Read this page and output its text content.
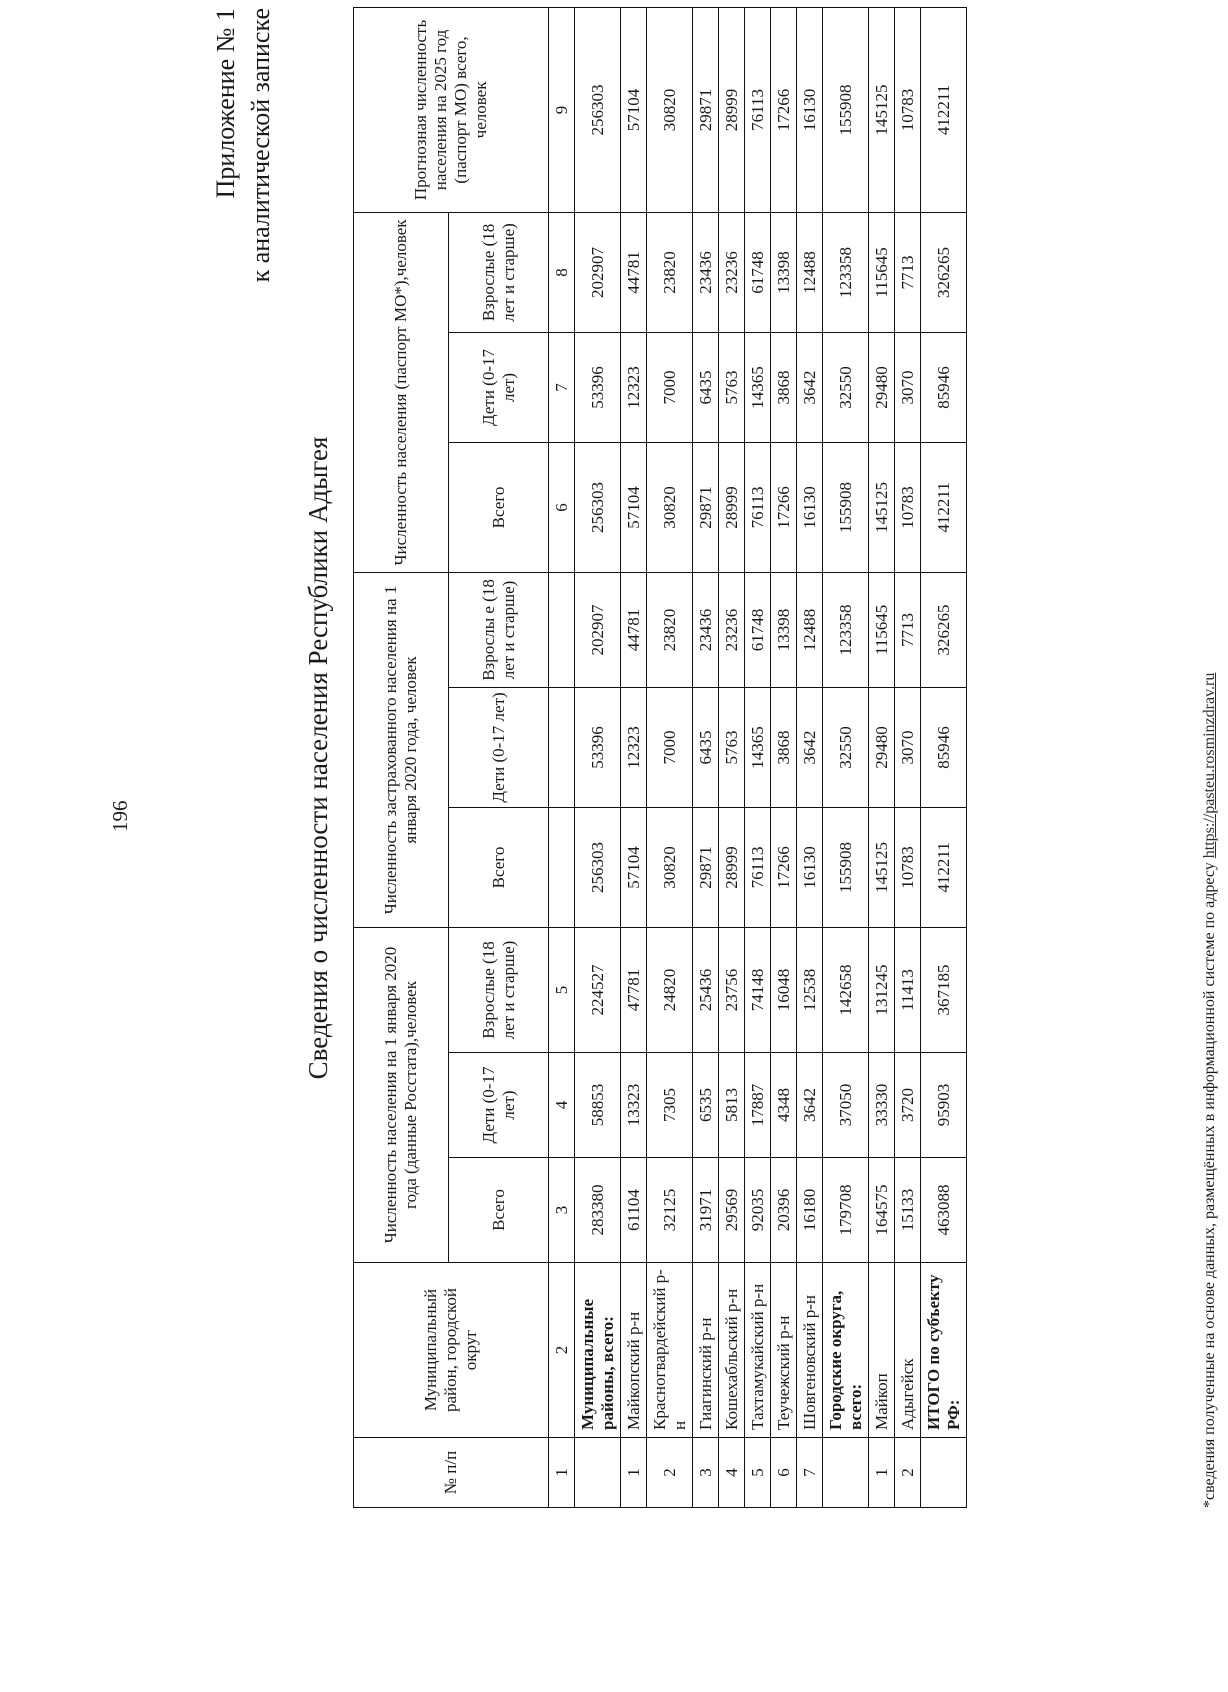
196
Приложение № 1 к аналитической записке
Сведения о численности населения Республики Адыгея
№ п/п	Муниципальный район, городской округ	Численность населения на 1 января 2020 года (данные Росстата),человек			Численность застрахованного населения на 1 января 2020 года, человек			Численность населения (паспорт МО*),человек			Прогнозная численность населения на 2025 год (паспорт МО) всего, человек
		Всего	Дети (0-17 лет)	Взрослые (18 лет и старше)	Всего	Дети (0-17 лет)	Взрослы е (18 лет и старше)	Всего	Дети (0-17 лет)	Взрослые (18 лет и старше)	
1	2	3	4	5				6	7	8	9
	Муниципальные районы, всего:	283380	58853	224527	256303	53396	202907	256303	53396	202907	256303
1	Майкопский р-н	61104	13323	47781	57104	12323	44781	57104	12323	44781	57104
2	Красногвардейский р-н	32125	7305	24820	30820	7000	23820	30820	7000	23820	30820
3	Гиагинский р-н	31971	6535	25436	29871	6435	23436	29871	6435	23436	29871
4	Кошехабльский р-н	29569	5813	23756	28999	5763	23236	28999	5763	23236	28999
5	Тахтамукайский р-н	92035	17887	74148	76113	14365	61748	76113	14365	61748	76113
6	Теучежский р-н	20396	4348	16048	17266	3868	13398	17266	3868	13398	17266
7	Шовгеновский р-н	16180	3642	12538	16130	3642	12488	16130	3642	12488	16130
	Городские округа, всего:	179708	37050	142658	155908	32550	123358	155908	32550	123358	155908
1	Майкоп	164575	33330	131245	145125	29480	115645	145125	29480	115645	145125
2	Адыгейск	15133	3720	11413	10783	3070	7713	10783	3070	7713	10783
	ИТОГО по субъекту РФ:	463088	95903	367185	412211	85946	326265	412211	85946	326265	412211
*сведения полученные на основе данных, размещённых в информационной системе по адресу https://pasteu.rosminzdrav.ru
